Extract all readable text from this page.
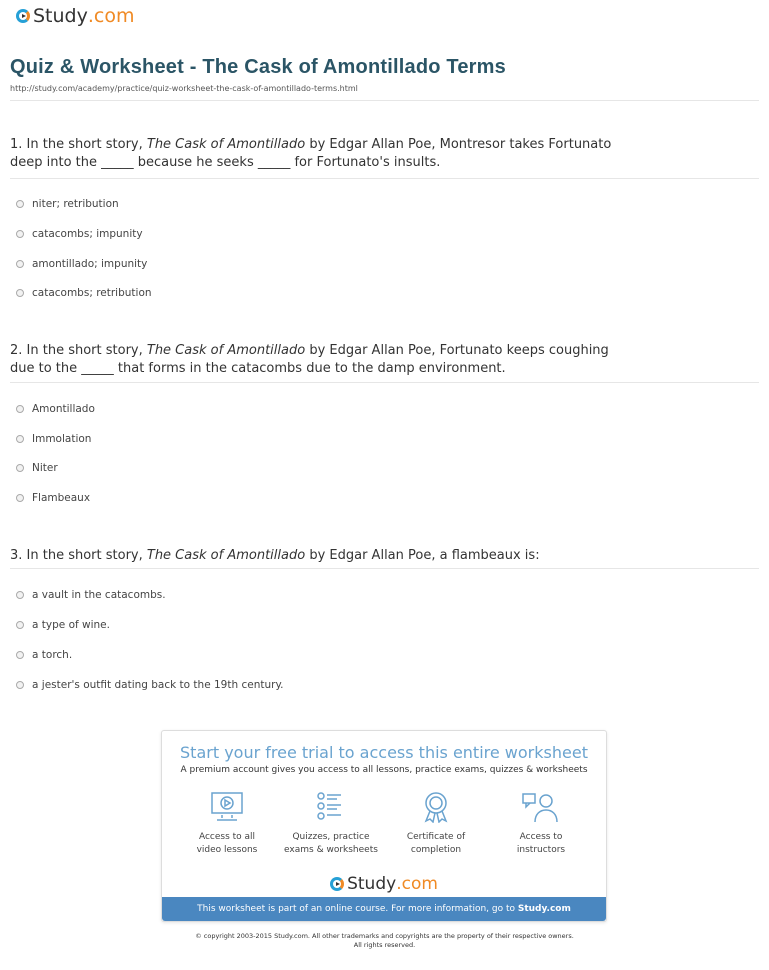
Study .com
Quiz & Worksheet - The Cask of Amontillado Terms
http://study.com/academy/practice/quiz-worksheet-the-cask-of-amontillado-terms.html
1. In the short story, The Cask of Amontillado by Edgar Allan Poe, Montresor takes Fortunato deep into the _____ because he seeks _____ for Fortunato's insults.
niter; retribution
catacombs; impunity
amontillado; impunity
catacombs; retribution
2. In the short story, The Cask of Amontillado by Edgar Allan Poe, Fortunato keeps coughing due to the _____ that forms in the catacombs due to the damp environment.
Amontillado
Immolation
Niter
Flambeaux
3. In the short story, The Cask of Amontillado by Edgar Allan Poe, a flambeaux is:
a vault in the catacombs.
a type of wine.
a torch.
a jester's outfit dating back to the 19th century.
Start your free trial to access this entire worksheet
A premium account gives you access to all lessons, practice exams, quizzes & worksheets
Access to all
video lessons
Quizzes, practice
exams & worksheets
Certificate of
completion
Access to
instructors
Study .com
This worksheet is part of an online course. For more information, go to Study.com
© copyright 2003-2015 Study.com. All other trademarks and copyrights are the property of their respective owners.
All rights reserved.
